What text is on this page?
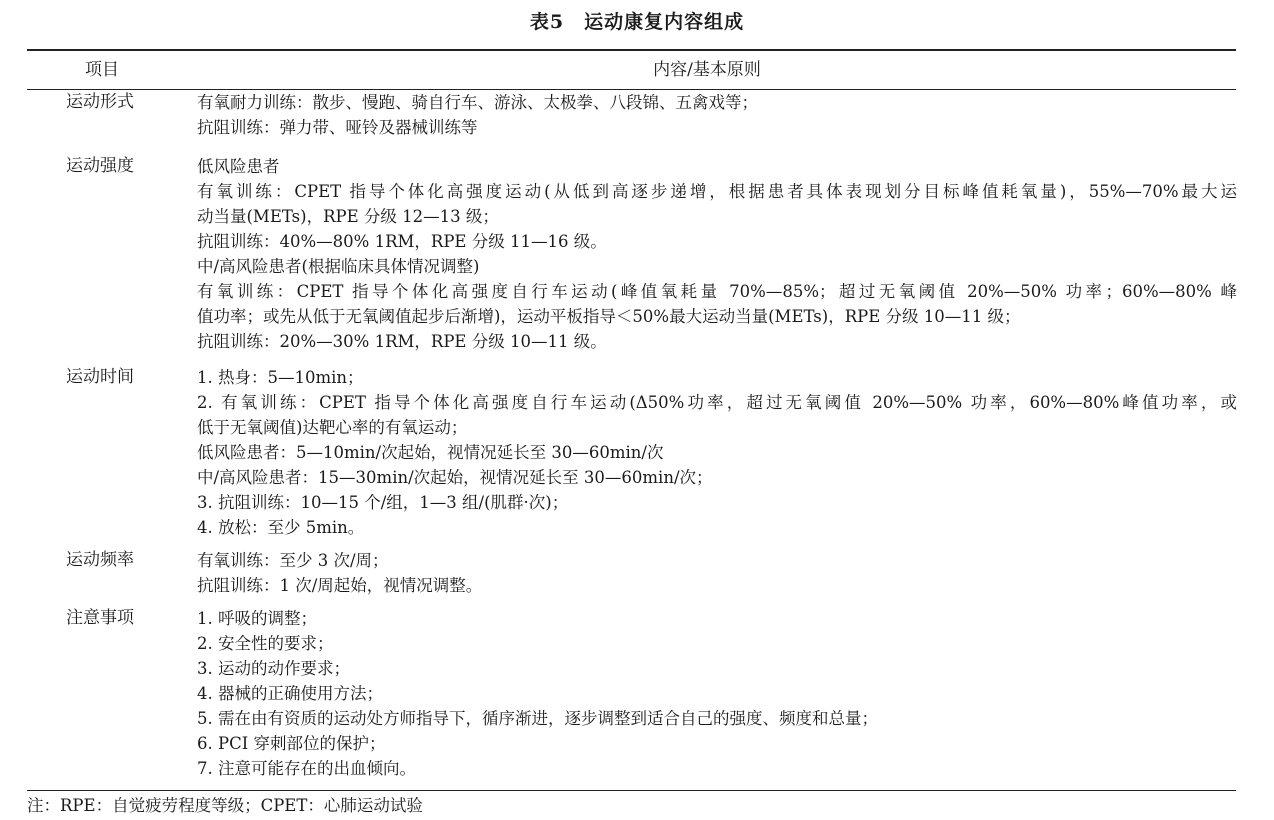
表5　运动康复内容组成
项目	内容/基本原则
运动形式	有氧耐力训练：散步、慢跑、骑自行车、游泳、太极拳、八段锦、五禽戏等；
抗阻训练：弹力带、哑铃及器械训练等
运动强度	低风险患者
有氧训练：CPET 指导个体化高强度运动(从低到高逐步递增，根据患者具体表现划分目标峰值耗氧量)，55%—70%最大运
动当量(METs)，RPE 分级 12—13 级；
抗阻训练：40%—80% 1RM，RPE 分级 11—16 级。
中/高风险患者(根据临床具体情况调整)
有氧训练：CPET 指导个体化高强度自行车运动(峰值氧耗量 70%—85%；超过无氧阈值 20%—50% 功率；60%—80% 峰
值功率；或先从低于无氧阈值起步后渐增)，运动平板指导＜50%最大运动当量(METs)，RPE 分级 10—11 级；
抗阻训练：20%—30% 1RM，RPE 分级 10—11 级。
运动时间	1. 热身：5—10min；
2. 有氧训练：CPET 指导个体化高强度自行车运动(Δ50%功率，超过无氧阈值 20%—50% 功率，60%—80%峰值功率，或
低于无氧阈值)达靶心率的有氧运动；
低风险患者：5—10min/次起始，视情况延长至 30—60min/次
中/高风险患者：15—30min/次起始，视情况延长至 30—60min/次；
3. 抗阻训练：10—15 个/组，1—3 组/(肌群·次)；
4. 放松：至少 5min。
运动频率	有氧训练：至少 3 次/周；
抗阻训练：1 次/周起始，视情况调整。
注意事项	1. 呼吸的调整；
2. 安全性的要求；
3. 运动的动作要求；
4. 器械的正确使用方法；
5. 需在由有资质的运动处方师指导下，循序渐进，逐步调整到适合自己的强度、频度和总量；
6. PCI 穿刺部位的保护；
7. 注意可能存在的出血倾向。
注：RPE：自觉疲劳程度等级；CPET：心肺运动试验
